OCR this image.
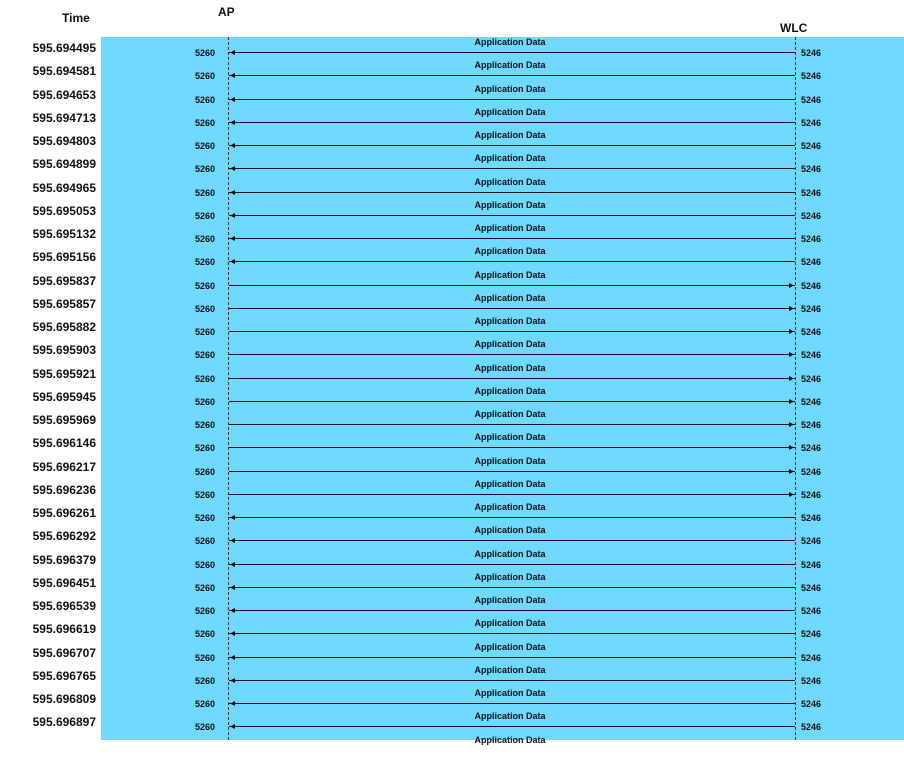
Time	AP
WLC
595.694495	5260	5246
Application Data
595.694581	5260	5246
Application Data
595.694653	5260	5246
Application Data
595.694713	5260	5246
Application Data
595.694803	5260	5246
Application Data
595.694899	5260	5246
Application Data
595.694965	5260	5246
Application Data
595.695053	5260	5246
Application Data
595.695132	5260	5246
Application Data
595.695156	5260	5246
Application Data
595.695837	5260	5246
Application Data
595.695857	5260	5246
Application Data
595.695882	5260	5246
Application Data
595.695903	5260	5246
Application Data
595.695921	5260	5246
Application Data
595.695945	5260	5246
Application Data
595.695969	5260	5246
Application Data
595.696146	5260	5246
Application Data
595.696217	5260	5246
Application Data
595.696236	5260	5246
Application Data
595.696261	5260	5246
Application Data
595.696292	5260	5246
Application Data
595.696379	5260	5246
Application Data
595.696451	5260	5246
Application Data
595.696539	5260	5246
Application Data
595.696619	5260	5246
Application Data
595.696707	5260	5246
Application Data
595.696765	5260	5246
Application Data
595.696809	5260	5246
Application Data
595.696897	5260	5246
Application Data
Application Data
